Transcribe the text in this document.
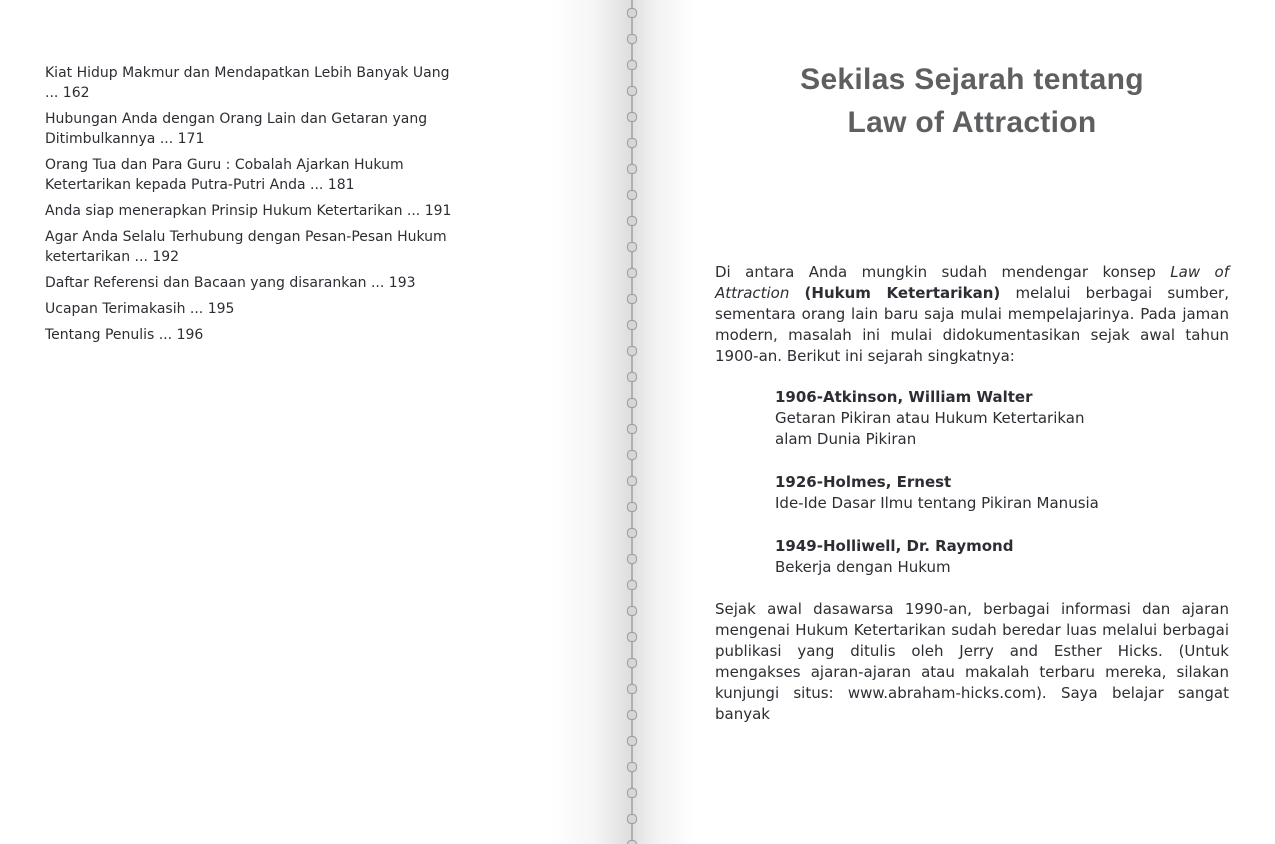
Kiat Hidup Makmur dan Mendapatkan Lebih Banyak Uang
... 162
Hubungan Anda dengan Orang Lain dan Getaran yang
Ditimbulkannya ... 171
Orang Tua dan Para Guru : Cobalah Ajarkan Hukum
Ketertarikan kepada Putra-Putri Anda ... 181
Anda siap menerapkan Prinsip Hukum Ketertarikan ... 191
Agar Anda Selalu Terhubung dengan Pesan-Pesan Hukum
ketertarikan ... 192
Daftar Referensi dan Bacaan yang disarankan ... 193
Ucapan Terimakasih ... 195
Tentang Penulis ... 196
Sekilas Sejarah tentang
Law of Attraction
Di antara Anda mungkin sudah mendengar konsep Law of Attraction (Hukum Ketertarikan) melalui berbagai sumber, sementara orang lain baru saja mulai mempelajarinya. Pada jaman modern, masalah ini mulai didokumentasikan sejak awal tahun 1900-an. Berikut ini sejarah singkatnya:
1906-Atkinson, William Walter
Getaran Pikiran atau Hukum Ketertarikan
alam Dunia Pikiran
1926-Holmes, Ernest
Ide-Ide Dasar Ilmu tentang Pikiran Manusia
1949-Holliwell, Dr. Raymond
Bekerja dengan Hukum
Sejak awal dasawarsa 1990-an, berbagai informasi dan ajaran mengenai Hukum Ketertarikan sudah beredar luas melalui berbagai publikasi yang ditulis oleh Jerry and Esther Hicks. (Untuk mengakses ajaran-ajaran atau makalah terbaru mereka, silakan kunjungi situs: www.abraham-hicks.com). Saya belajar sangat banyak
